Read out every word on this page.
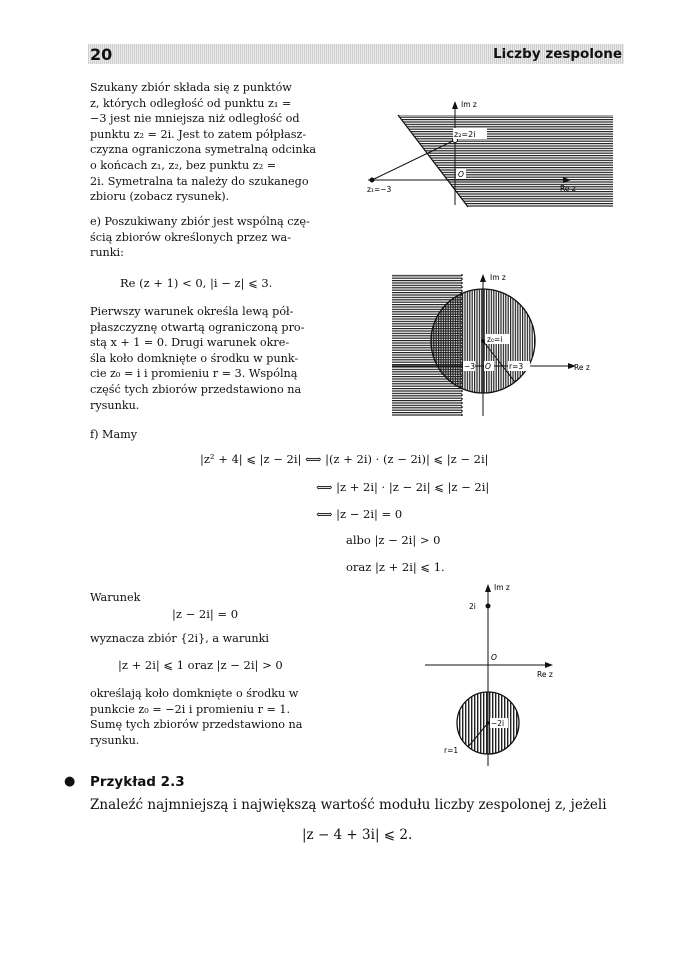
20	Liczby zespolone
Szukany zbiór składa się z punktów
z, których odległość od punktu z₁ =
−3 jest nie mniejsza niż odległość od
punktu z₂ = 2i. Jest to zatem półpłasz-
czyzna ograniczona symetralną odcinka
o końcach z₁, z₂, bez punktu z₂ =
2i. Symetralna ta należy do szukanego
zbioru (zobacz rysunek).
e) Poszukiwany zbiór jest wspólną czę-
ścią zbiorów określonych przez wa-
runki:
Re (z + 1) < 0, |i − z| ⩽ 3.
Pierwszy warunek określa lewą pół-
płaszczyznę otwartą ograniczoną pro-
stą x + 1 = 0. Drugi warunek okre-
śla koło domknięte o środku w punk-
cie z₀ = i i promieniu r = 3. Wspólną
część tych zbiorów przedstawiono na
rysunku.
f) Mamy
|z² + 4| ⩽ |z − 2i| ⟺ |(z + 2i) · (z − 2i)| ⩽ |z − 2i|
⟺ |z + 2i| · |z − 2i| ⩽ |z − 2i|
⟺ |z − 2i| = 0
albo |z − 2i| > 0
oraz |z + 2i| ⩽ 1.
Warunek
|z − 2i| = 0
wyznacza zbiór {2i}, a warunki
|z + 2i| ⩽ 1 oraz |z − 2i| > 0
określają koło domknięte o środku w
punkcie z₀ = −2i i promieniu r = 1.
Sumę tych zbiorów przedstawiono na
rysunku.
● Przykład 2.3
Znaleźć najmniejszą i największą wartość modułu liczby zespolonej z, jeżeli
|z − 4 + 3i| ⩽ 2.
z₂=2i
Im z
Re z
z₁=−3
O
z₀=i
−3 O r=3
Im z
Re z
2i
O
−2i
r=1
Im z
Re z
